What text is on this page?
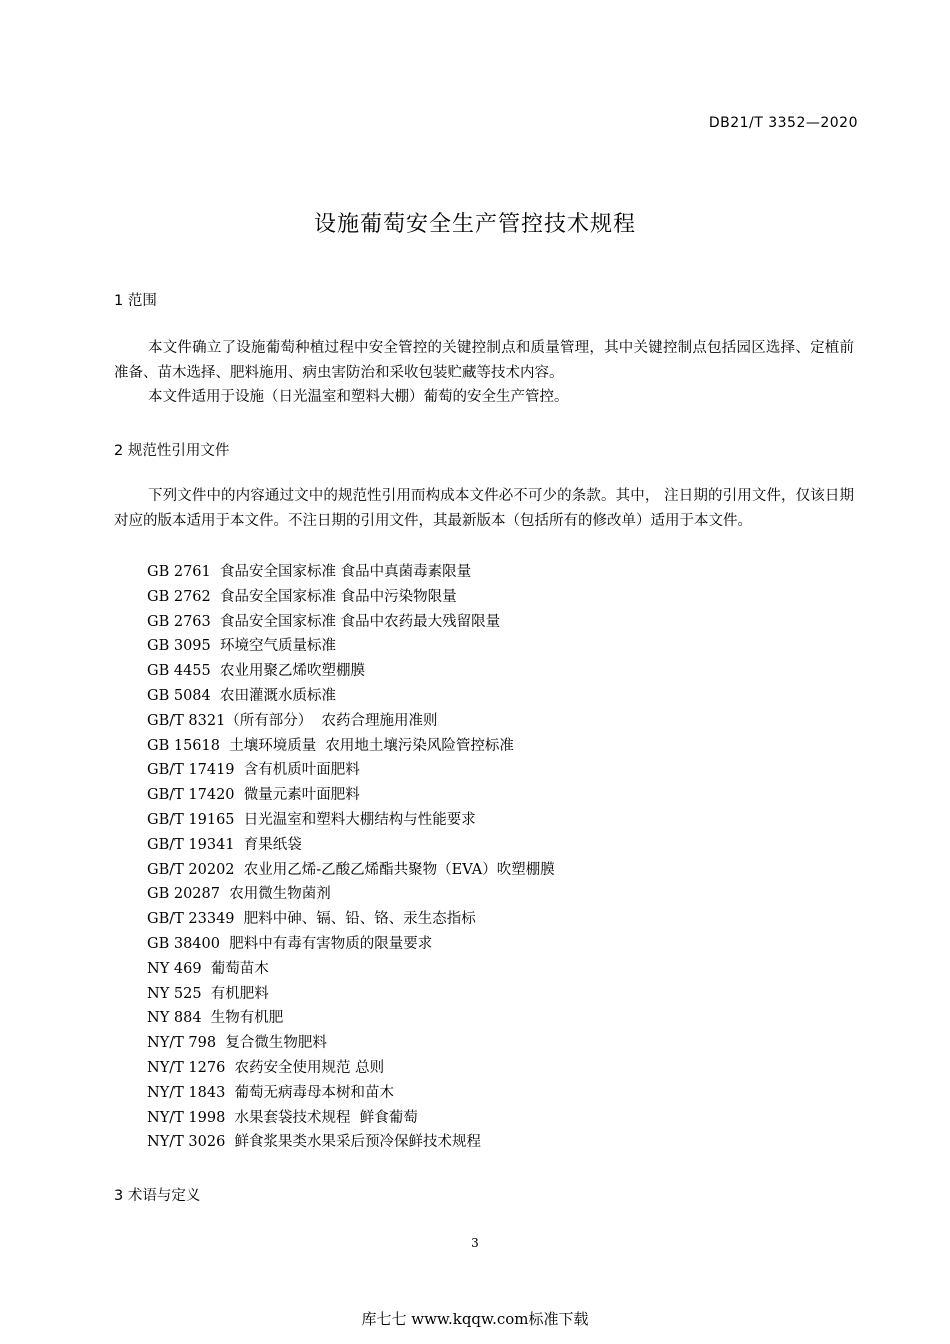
DB21/T 3352—2020
设施葡萄安全生产管控技术规程
1 范围
本文件确立了设施葡萄种植过程中安全管控的关键控制点和质量管理，其中关键控制点包括园区选择、定植前准备、苗木选择、肥料施用、病虫害防治和采收包装贮藏等技术内容。
本文件适用于设施（日光温室和塑料大棚）葡萄的安全生产管控。
2 规范性引用文件
下列文件中的内容通过文中的规范性引用而构成本文件必不可少的条款。其中， 注日期的引用文件，仅该日期对应的版本适用于本文件。不注日期的引用文件，其最新版本（包括所有的修改单）适用于本文件。
GB 2761 食品安全国家标准 食品中真菌毒素限量
GB 2762 食品安全国家标准 食品中污染物限量
GB 2763 食品安全国家标准 食品中农药最大残留限量
GB 3095 环境空气质量标准
GB 4455 农业用聚乙烯吹塑棚膜
GB 5084 农田灌溉水质标准
GB/T 8321（所有部分） 农药合理施用准则
GB 15618 土壤环境质量  农用地土壤污染风险管控标准
GB/T 17419 含有机质叶面肥料
GB/T 17420 微量元素叶面肥料
GB/T 19165 日光温室和塑料大棚结构与性能要求
GB/T 19341 育果纸袋
GB/T 20202 农业用乙烯-乙酸乙烯酯共聚物（EVA）吹塑棚膜
GB 20287 农用微生物菌剂
GB/T 23349 肥料中砷、镉、铅、铬、汞生态指标
GB 38400 肥料中有毒有害物质的限量要求
NY 469 葡萄苗木
NY 525 有机肥料
NY 884 生物有机肥
NY/T 798 复合微生物肥料
NY/T 1276 农药安全使用规范 总则
NY/T 1843 葡萄无病毒母本树和苗木
NY/T 1998 水果套袋技术规程  鲜食葡萄
NY/T 3026 鲜食浆果类水果采后预冷保鲜技术规程
3 术语与定义
3
库七七 www.kqqw.com标准下载
